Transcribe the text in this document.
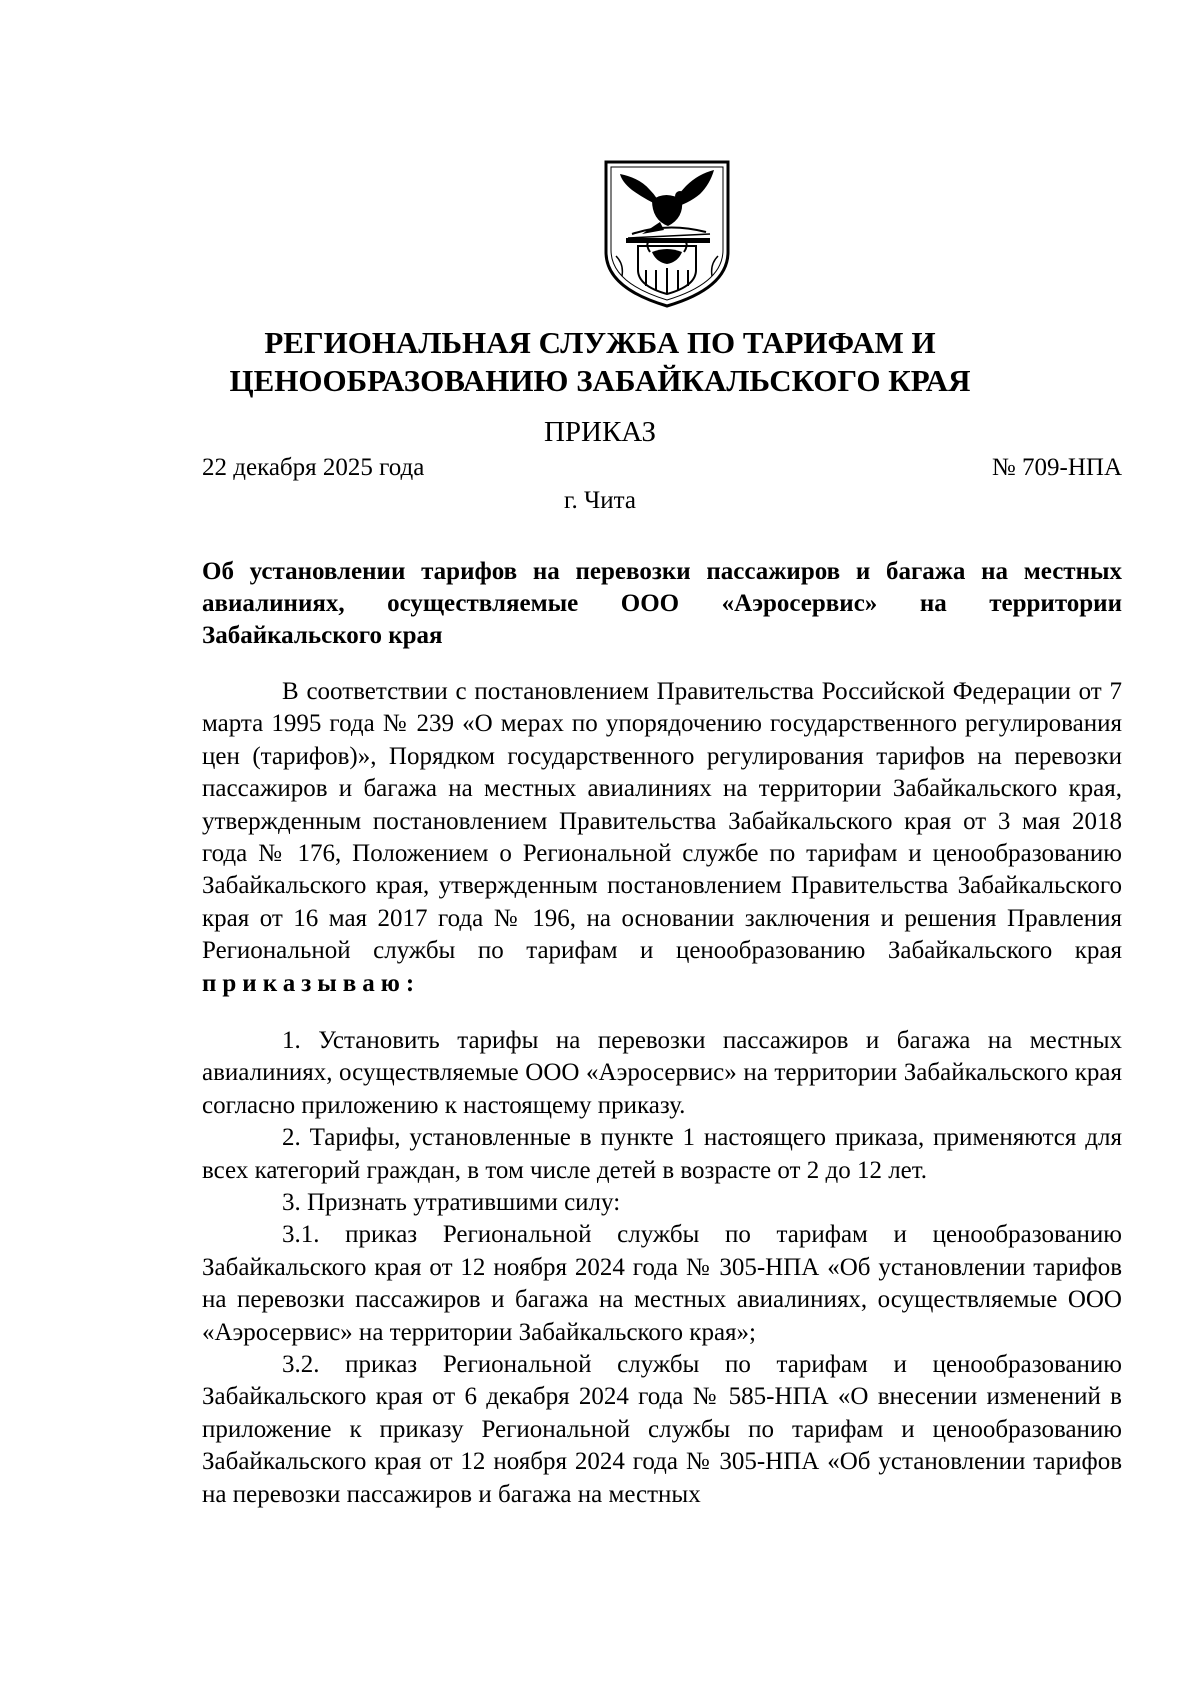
РЕГИОНАЛЬНАЯ СЛУЖБА ПО ТАРИФАМ И
ЦЕНООБРАЗОВАНИЮ ЗАБАЙКАЛЬСКОГО КРАЯ
ПРИКАЗ
22 декабря 2025 года	№ 709-НПА
г. Чита
Об установлении тарифов на перевозки пассажиров и багажа на местных авиалиниях, осуществляемые ООО «Аэросервис» на территории Забайкальского края

В соответствии с постановлением Правительства Российской Федерации от 7 марта 1995 года № 239 «О мерах по упорядочению государственного регулирования цен (тарифов)», Порядком государственного регулирования тарифов на перевозки пассажиров и багажа на местных авиалиниях на территории Забайкальского края, утвержденным постановлением Правительства Забайкальского края от 3 мая 2018 года № 176, Положением о Региональной службе по тарифам и ценообразованию Забайкальского края, утвержденным постановлением Правительства Забайкальского края от 16 мая 2017 года № 196, на основании заключения и решения Правления Региональной службы по тарифам и ценообразованию Забайкальского края приказываю:

1. Установить тарифы на перевозки пассажиров и багажа на местных авиалиниях, осуществляемые ООО «Аэросервис» на территории Забайкальского края согласно приложению к настоящему приказу.

2. Тарифы, установленные в пункте 1 настоящего приказа, применяются для всех категорий граждан, в том числе детей в возрасте от 2 до 12 лет.

3. Признать утратившими силу:

3.1. приказ Региональной службы по тарифам и ценообразованию Забайкальского края от 12 ноября 2024 года № 305-НПА «Об установлении тарифов на перевозки пассажиров и багажа на местных авиалиниях, осуществляемые ООО «Аэросервис» на территории Забайкальского края»;

3.2. приказ Региональной службы по тарифам и ценообразованию Забайкальского края от 6 декабря 2024 года № 585-НПА «О внесении изменений в приложение к приказу Региональной службы по тарифам и ценообразованию Забайкальского края от 12 ноября 2024 года № 305-НПА «Об установлении тарифов на перевозки пассажиров и багажа на местных
